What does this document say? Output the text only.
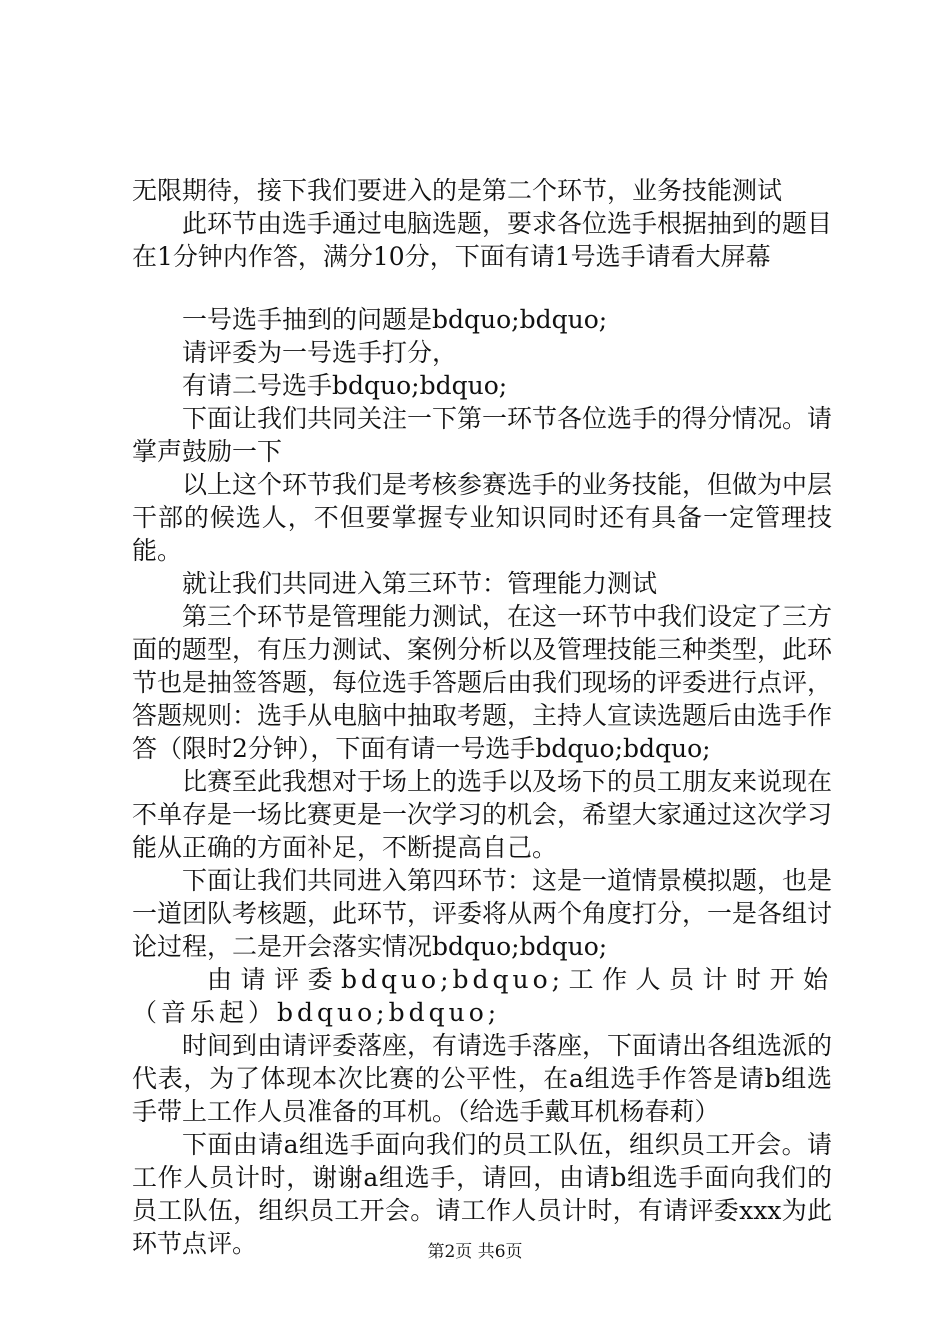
无限期待，接下我们要进入的是第二个环节，业务技能测试

此环节由选手通过电脑选题，要求各位选手根据抽到的题目在1分钟内作答，满分10分，下面有请1号选手请看大屏幕

一号选手抽到的问题是bdquo;bdquo;

请评委为一号选手打分，

有请二号选手bdquo;bdquo;

下面让我们共同关注一下第一环节各位选手的得分情况。请掌声鼓励一下

以上这个环节我们是考核参赛选手的业务技能，但做为中层干部的候选人，不但要掌握专业知识同时还有具备一定管理技能。

就让我们共同进入第三环节：管理能力测试

第三个环节是管理能力测试，在这一环节中我们设定了三方面的题型，有压力测试、案例分析以及管理技能三种类型，此环节也是抽签答题，每位选手答题后由我们现场的评委进行点评，答题规则：选手从电脑中抽取考题，主持人宣读选题后由选手作答（限时2分钟），下面有请一号选手bdquo;bdquo;

比赛至此我想对于场上的选手以及场下的员工朋友来说现在不单存是一场比赛更是一次学习的机会，希望大家通过这次学习能从正确的方面补足，不断提高自己。

下面让我们共同进入第四环节：这是一道情景模拟题，也是一道团队考核题，此环节，评委将从两个角度打分，一是各组讨论过程，二是开会落实情况bdquo;bdquo;

由请评委bdquo;bdquo;工作人员计时开始（音乐起）bdquo;bdquo;

时间到由请评委落座，有请选手落座，下面请出各组选派的代表，为了体现本次比赛的公平性，在a组选手作答是请b组选手带上工作人员准备的耳机。（给选手戴耳机杨春莉）

下面由请a组选手面向我们的员工队伍，组织员工开会。请工作人员计时，谢谢a组选手，请回，由请b组选手面向我们的员工队伍，组织员工开会。请工作人员计时，有请评委xxx为此环节点评。	第2页 共6页
